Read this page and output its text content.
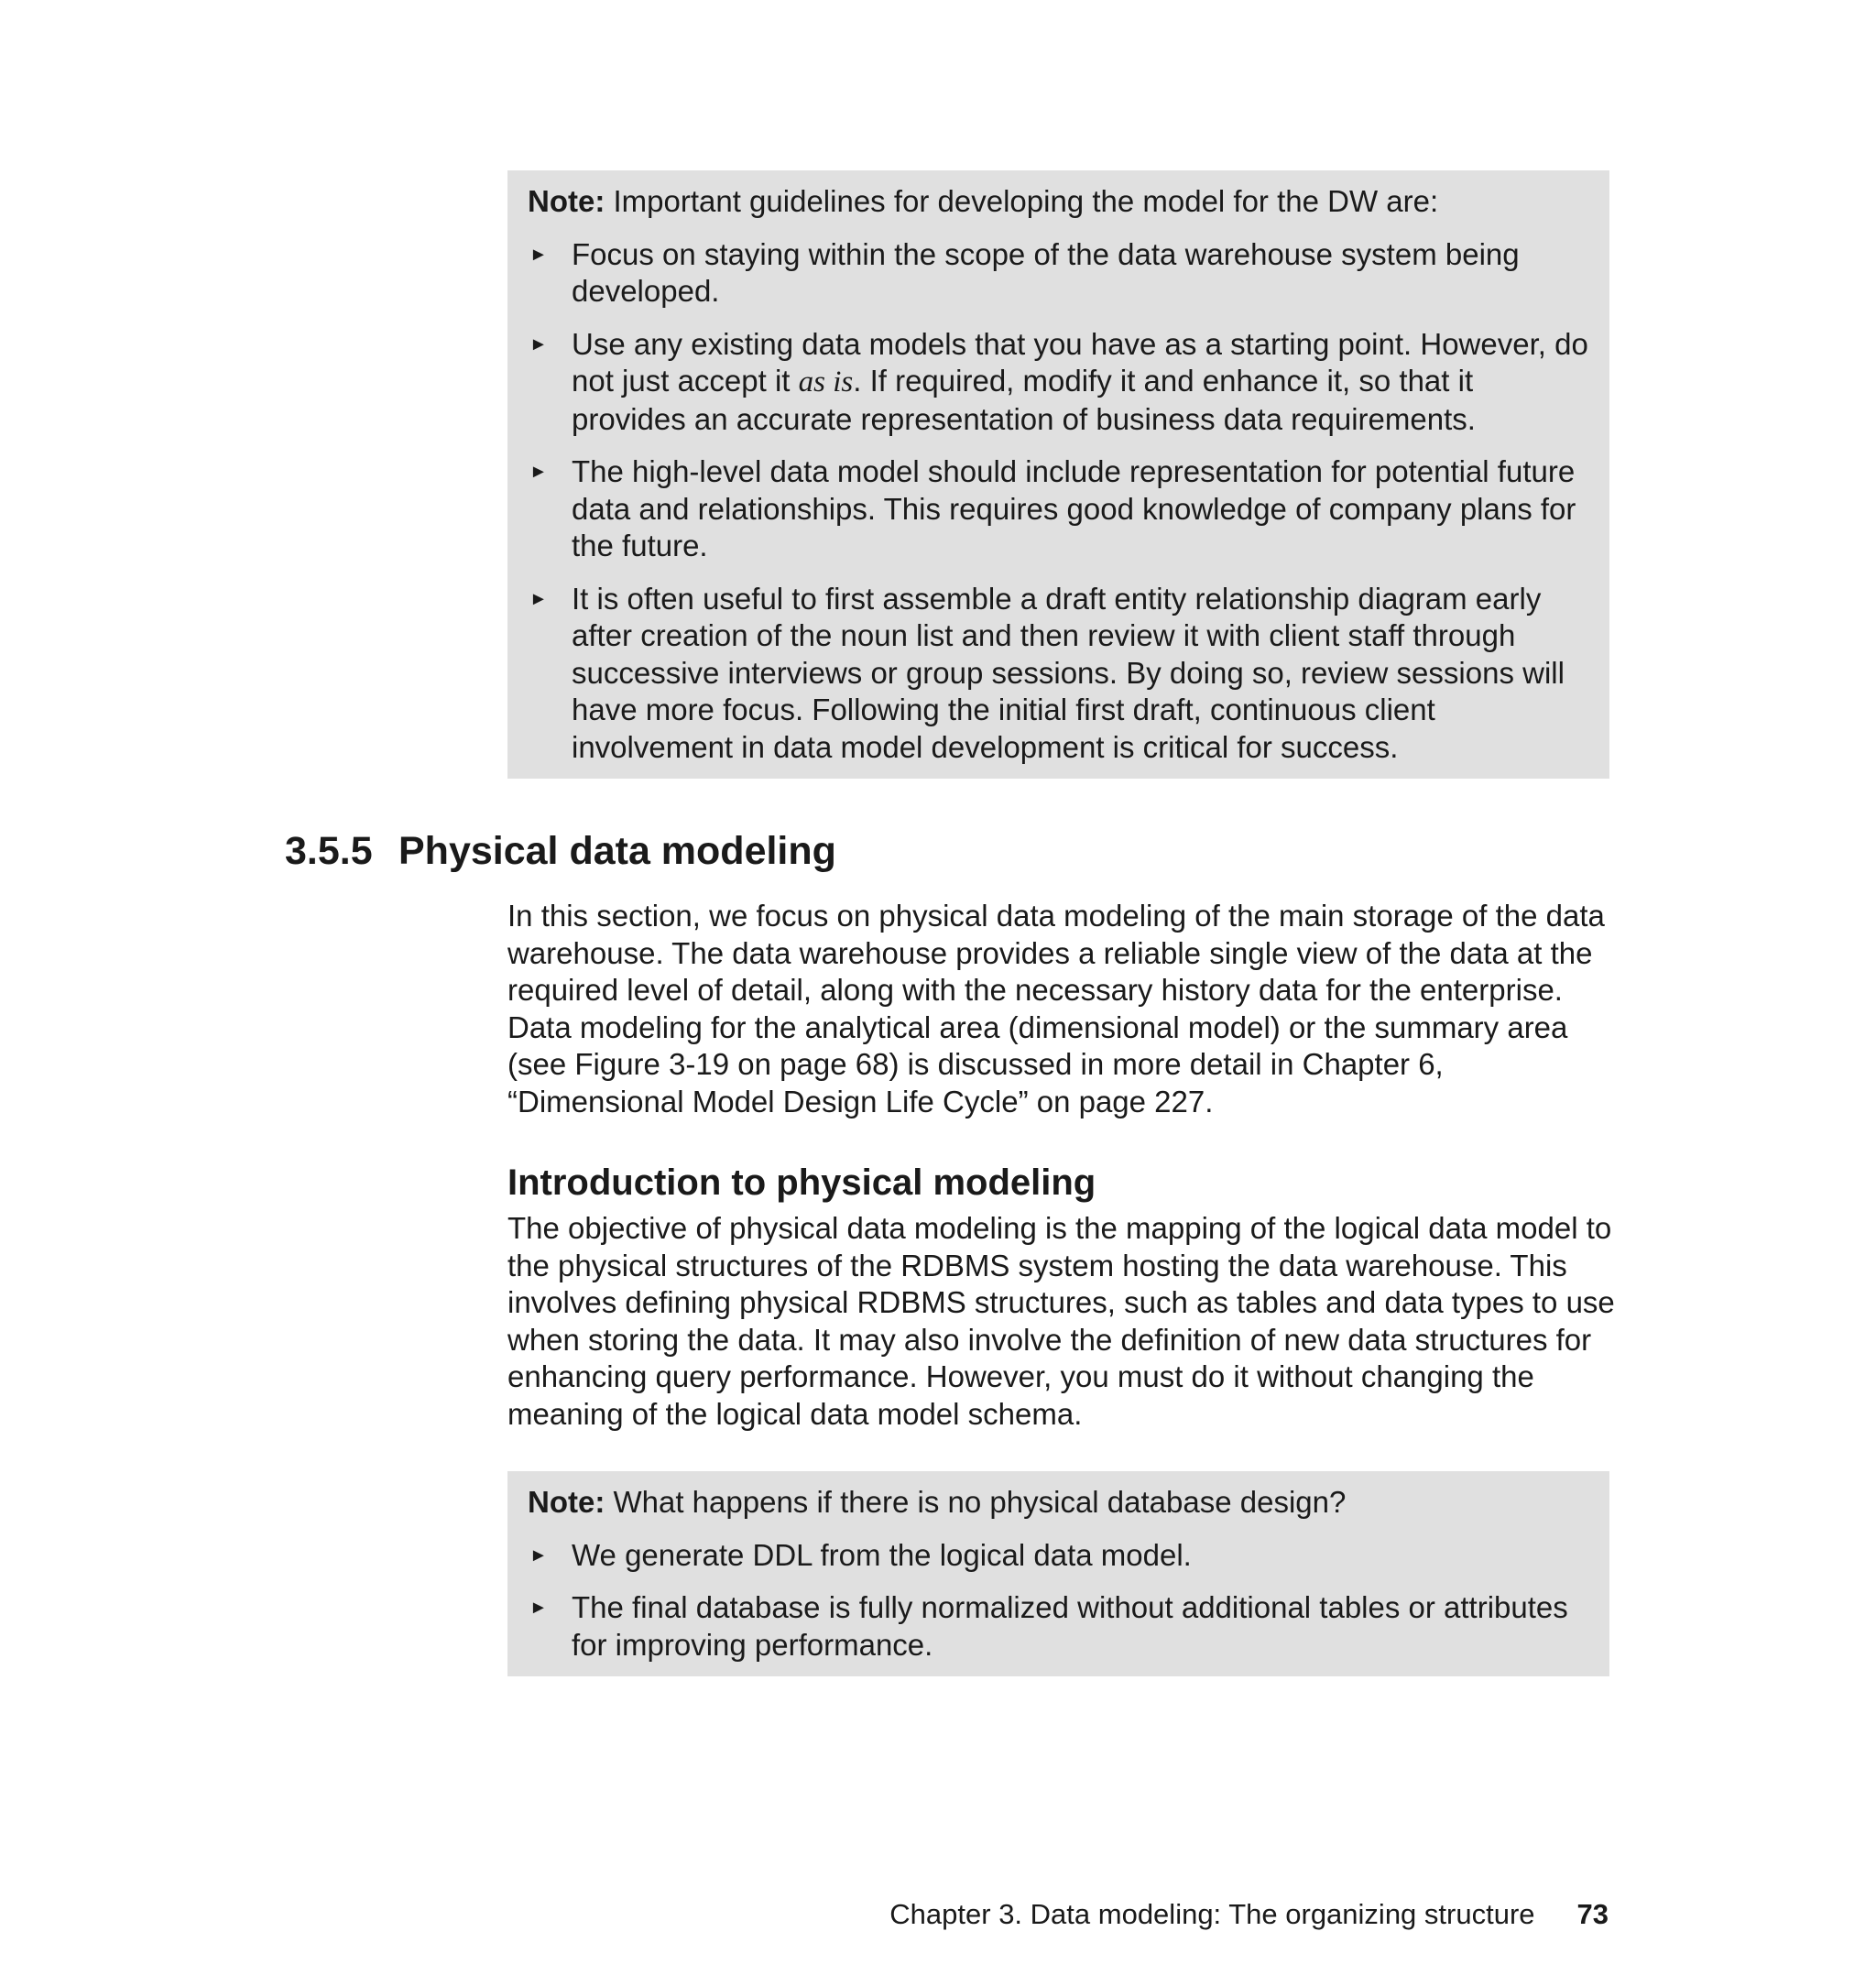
Note: Important guidelines for developing the model for the DW are:

► Focus on staying within the scope of the data warehouse system being developed.
► Use any existing data models that you have as a starting point. However, do not just accept it as is. If required, modify it and enhance it, so that it provides an accurate representation of business data requirements.
► The high-level data model should include representation for potential future data and relationships. This requires good knowledge of company plans for the future.
► It is often useful to first assemble a draft entity relationship diagram early after creation of the noun list and then review it with client staff through successive interviews or group sessions. By doing so, review sessions will have more focus. Following the initial first draft, continuous client involvement in data model development is critical for success.
3.5.5 Physical data modeling

In this section, we focus on physical data modeling of the main storage of the data warehouse. The data warehouse provides a reliable single view of the data at the required level of detail, along with the necessary history data for the enterprise. Data modeling for the analytical area (dimensional model) or the summary area (see Figure 3-19 on page 68) is discussed in more detail in Chapter 6, “Dimensional Model Design Life Cycle” on page 227.

Introduction to physical modeling

The objective of physical data modeling is the mapping of the logical data model to the physical structures of the RDBMS system hosting the data warehouse. This involves defining physical RDBMS structures, such as tables and data types to use when storing the data. It may also involve the definition of new data structures for enhancing query performance. However, you must do it without changing the meaning of the logical data model schema.

Note: What happens if there is no physical database design?

► We generate DDL from the logical data model.
► The final database is fully normalized without additional tables or attributes for improving performance.
Chapter 3. Data modeling: The organizing structure 73
